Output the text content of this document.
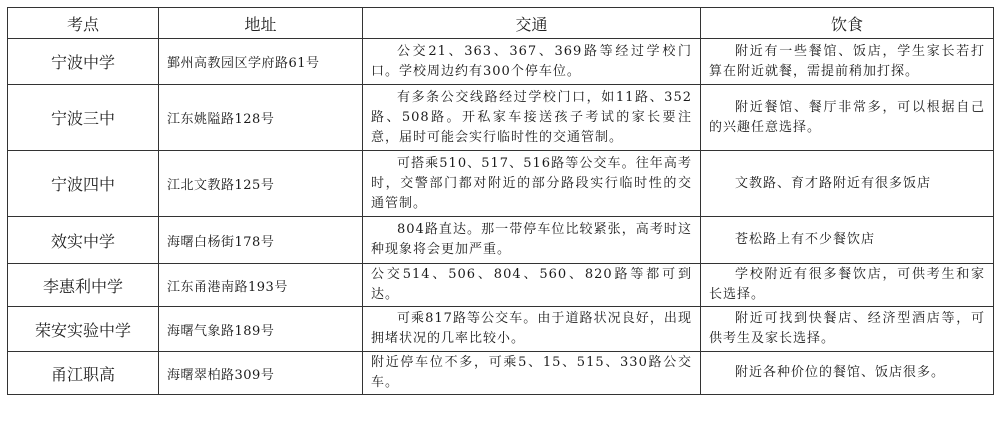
考点	地址	交通	饮食
宁波中学	鄞州高教园区学府路61号	公交21、363、367、369路等经过学校门口。学校周边约有300个停车位。	附近有一些餐馆、饭店，学生家长若打算在附近就餐，需提前稍加打探。
宁波三中	江东姚隘路128号	有多条公交线路经过学校门口，如11路、352路、508路。开私家车接送孩子考试的家长要注意，届时可能会实行临时性的交通管制。	附近餐馆、餐厅非常多，可以根据自己的兴趣任意选择。
宁波四中	江北文教路125号	可搭乘510、517、516路等公交车。往年高考时，交警部门都对附近的部分路段实行临时性的交通管制。	文教路、育才路附近有很多饭店
效实中学	海曙白杨街178号	804路直达。那一带停车位比较紧张，高考时这种现象将会更加严重。	苍松路上有不少餐饮店
李惠利中学	江东甬港南路193号	公交514、506、804、560、820路等都可到达。	学校附近有很多餐饮店，可供考生和家长选择。
荣安实验中学	海曙气象路189号	可乘817路等公交车。由于道路状况良好，出现拥堵状况的几率比较小。	附近可找到快餐店、经济型酒店等，可供考生及家长选择。
甬江职高	海曙翠柏路309号	附近停车位不多，可乘5、15、515、330路公交车。	附近各种价位的餐馆、饭店很多。
